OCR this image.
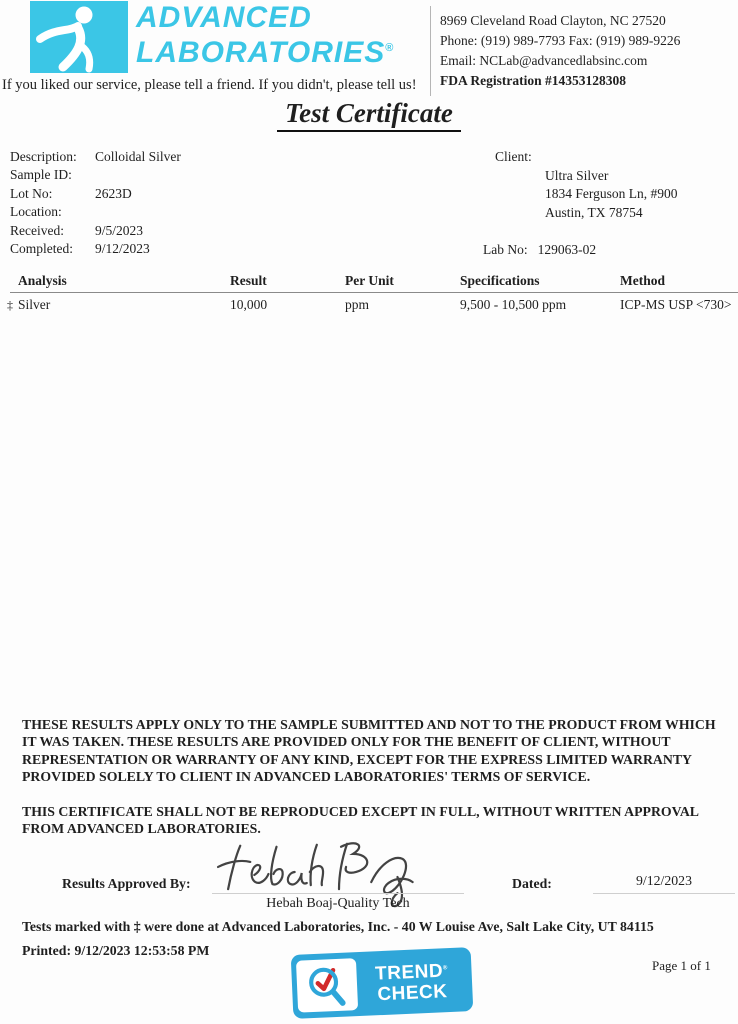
ADVANCED
LABORATORIES®
If you liked our service, please tell a friend. If you didn't, please tell us!
8969 Cleveland Road Clayton, NC 27520
Phone: (919) 989-7793 Fax: (919) 989-9226
Email: NCLab@advancedlabsinc.com
FDA Registration #14353128308
Test Certificate
Description:	Colloidal Silver
Sample ID:
Lot No:	2623D
Location:
Received:	9/5/2023
Completed:	9/12/2023
Client:
Ultra Silver
1834 Ferguson Ln, #900
Austin, TX 78754
Lab No: 129063-02
Analysis	Result	Per Unit	Specifications	Method
‡ Silver	10,000	ppm	9,500 - 10,500 ppm	ICP-MS USP <730>
THESE RESULTS APPLY ONLY TO THE SAMPLE SUBMITTED AND NOT TO THE PRODUCT FROM WHICH IT WAS TAKEN. THESE RESULTS ARE PROVIDED ONLY FOR THE BENEFIT OF CLIENT, WITHOUT REPRESENTATION OR WARRANTY OF ANY KIND, EXCEPT FOR THE EXPRESS LIMITED WARRANTY PROVIDED SOLELY TO CLIENT IN ADVANCED LABORATORIES' TERMS OF SERVICE.
THIS CERTIFICATE SHALL NOT BE REPRODUCED EXCEPT IN FULL, WITHOUT WRITTEN APPROVAL FROM ADVANCED LABORATORIES.
Results Approved By:
Hebah Boaj-Quality Tech
Dated:	9/12/2023
Tests marked with ‡ were done at Advanced Laboratories, Inc. - 40 W Louise Ave, Salt Lake City, UT 84115
Printed: 9/12/2023 12:53:58 PM
TREND®
CHECK
Page 1 of 1
